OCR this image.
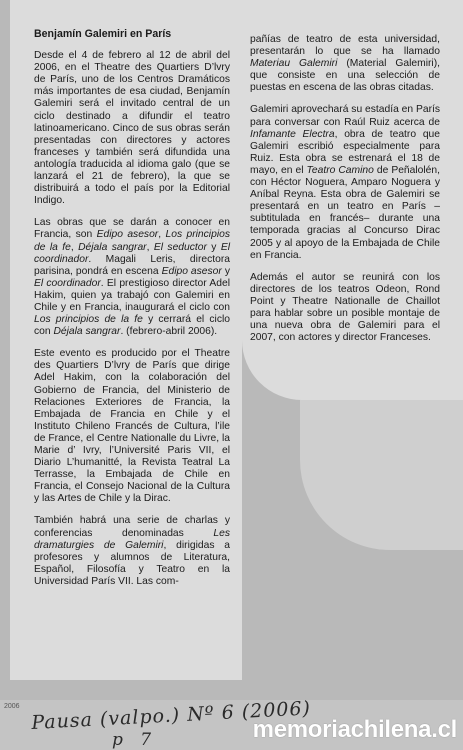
Benjamín Galemiri en París

Desde el 4 de febrero al 12 de abril del 2006, en el Theatre des Quartiers D’lvry de París, uno de los Centros Dramáticos más importantes de esa ciudad, Benjamín Galemiri será el invitado central de un ciclo destinado a difundir el teatro latinoamericano. Cinco de sus obras serán presentadas con directores y actores franceses y también será difundida una antología traducida al idioma galo (que se lanzará el 21 de febrero), la que se distribuirá a todo el país por la Editorial Indigo.

Las obras que se darán a conocer en Francia, son Edipo asesor, Los principios de la fe, Déjala sangrar, El seductor y El coordinador. Magali Leris, directora parisina, pondrá en escena Edipo asesor y El coordinador. El prestigioso director Adel Hakim, quien ya trabajó con Galemiri en Chile y en Francia, inaugurará el ciclo con Los principios de la fe y cerrará el ciclo con Déjala sangrar. (febrero-abril 2006).

Este evento es producido por el Theatre des Quartiers D’lvry de París que dirige Adel Hakim, con la colaboración del Gobierno de Francia, del Ministerio de Relaciones Exteriores de Francia, la Embajada de Francia en Chile y el Instituto Chileno Francés de Cultura, l’ile de France, el Centre Nationalle du Livre, la Marie d’ Ivry, l’Université Paris VII, el Diario L’humanitté, la Revista Teatral La Terrasse, la Embajada de Chile en Francia, el Consejo Nacional de la Cultura y las Artes de Chile y la Dirac.

También habrá una serie de charlas y conferencias denominadas Les dramaturgies de Galemiri, dirigidas a profesores y alumnos de Literatura, Español, Filosofía y Teatro en la Universidad París VII. Las com-

pañías de teatro de esta universidad, presentarán lo que se ha llamado Materiau Galemiri (Material Galemiri), que consiste en una selección de puestas en escena de las obras citadas.

Galemiri aprovechará su estadía en París para conversar con Raúl Ruiz acerca de Infamante Electra, obra de teatro que Galemiri escribió especialmente para Ruiz. Esta obra se estrenará el 18 de mayo, en el Teatro Camino de Peñalolén, con Héctor Noguera, Amparo Noguera y Aníbal Reyna. Esta obra de Galemiri se presentará en un teatro en París –subtitulada en francés– durante una temporada gracias al Concurso Dirac 2005 y al apoyo de la Embajada de Chile en Francia.

Además el autor se reunirá con los directores de los teatros Odeon, Rond Point y Theatre Nationalle de Chaillot para hablar sobre un posible montaje de una nueva obra de Galemiri para el 2007, con actores y director Franceses.

2006 Pausa (valpo.) Nº 6 (2006)
p 7	memoriachilena.cl
